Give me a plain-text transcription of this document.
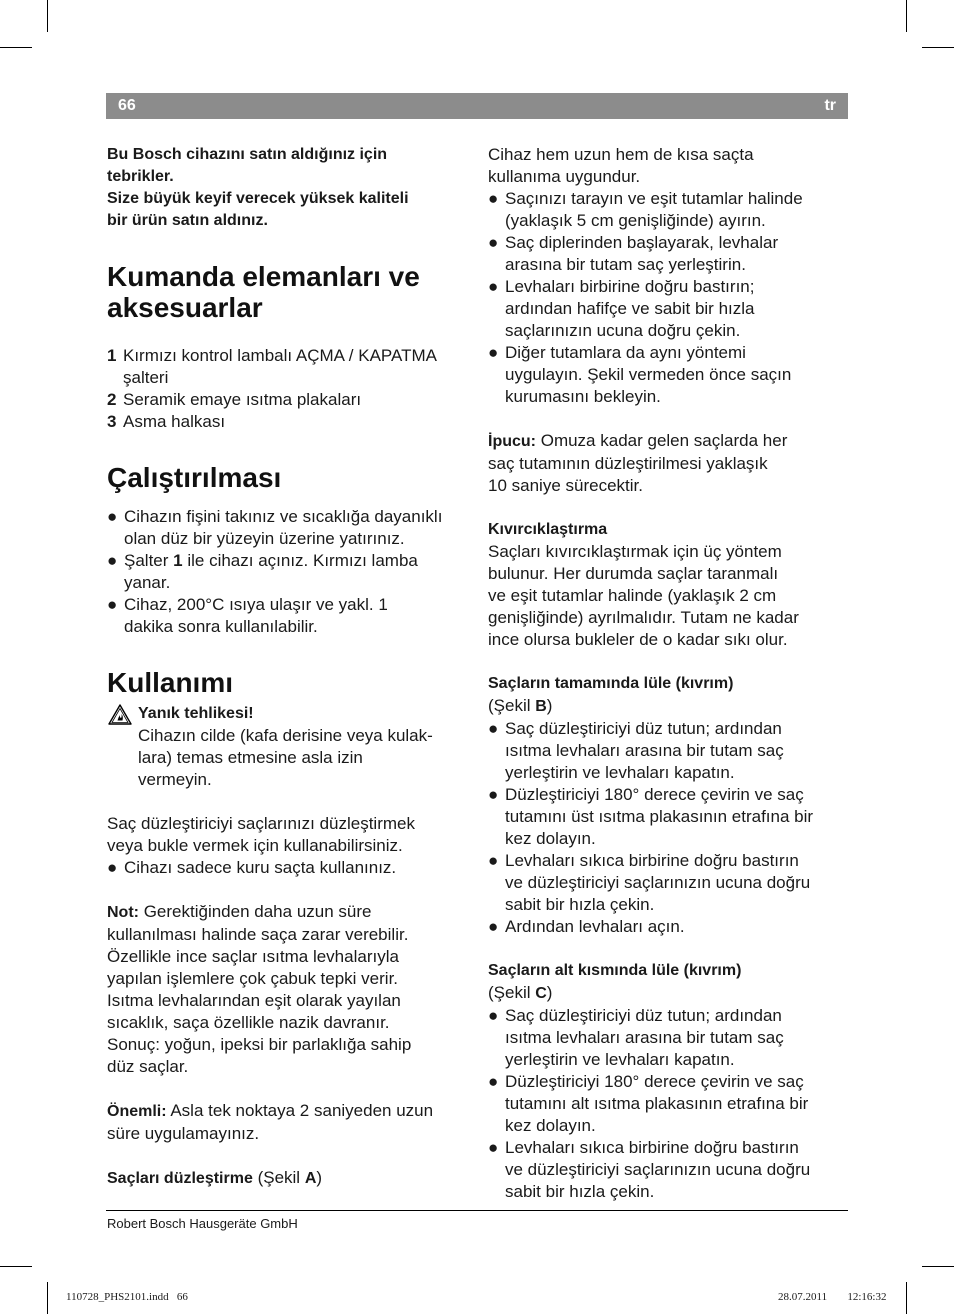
66	tr

Bu Bosch cihazını satın aldığınız için

tebrikler.

Size büyük keyif verecek yüksek kaliteli

bir ürün satın aldınız.

Kumanda elemanları ve
aksesuarlar
1 Kırmızı kontrol lambalı AÇMA / KAPATMA

şalteri

2 Seramik emaye ısıtma plakaları

3 Asma halkası

Çalıştırılması
● Cihazın fişini takınız ve sıcaklığa dayanıklı

olan düz bir yüzeyin üzerine yatırınız.

● Şalter 1 ile cihazı açınız. Kırmızı lamba

yanar.

● Cihaz, 200°C ısıya ulaşır ve yakl. 1

dakika sonra kullanılabilir.

Kullanımı

Yanık tehlikesi!

Cihazın cilde (kafa derisine veya kulak-

lara) temas etmesine asla izin

vermeyin.

Saç düzleştiriciyi saçlarınızı düzleştirmek

veya bukle vermek için kullanabilirsiniz.

● Cihazı sadece kuru saçta kullanınız.

Not: Gerektiğinden daha uzun süre

kullanılması halinde saça zarar verebilir.

Özellikle ince saçlar ısıtma levhalarıyla

yapılan işlemlere çok çabuk tepki verir.

Isıtma levhalarından eşit olarak yayılan

sıcaklık, saça özellikle nazik davranır.

Sonuç: yoğun, ipeksi bir parlaklığa sahip

düz saçlar.

Önemli: Asla tek noktaya 2 saniyeden uzun

süre uygulamayınız.

Saçları düzleştirme (Şekil A)

Cihaz hem uzun hem de kısa saçta

kullanıma uygundur.

● Saçınızı tarayın ve eşit tutamlar halinde

(yaklaşık 5 cm genişliğinde) ayırın.

● Saç diplerinden başlayarak, levhalar

arasına bir tutam saç yerleştirin.

● Levhaları birbirine doğru bastırın;

ardından hafifçe ve sabit bir hızla

saçlarınızın ucuna doğru çekin.

● Diğer tutamlara da aynı yöntemi

uygulayın. Şekil vermeden önce saçın

kurumasını bekleyin.

İpucu: Omuza kadar gelen saçlarda her

saç tutamının düzleştirilmesi yaklaşık

10 saniye sürecektir.

Kıvırcıklaştırma

Saçları kıvırcıklaştırmak için üç yöntem

bulunur. Her durumda saçlar taranmalı

ve eşit tutamlar halinde (yaklaşık 2 cm

genişliğinde) ayrılmalıdır. Tutam ne kadar

ince olursa bukleler de o kadar sıkı olur.

Saçların tamamında lüle (kıvrım)

(Şekil B)

● Saç düzleştiriciyi düz tutun; ardından

ısıtma levhaları arasına bir tutam saç

yerleştirin ve levhaları kapatın.

● Düzleştiriciyi 180° derece çevirin ve saç

tutamını üst ısıtma plakasının etrafına bir

kez dolayın.

● Levhaları sıkıca birbirine doğru bastırın

ve düzleştiriciyi saçlarınızın ucuna doğru

sabit bir hızla çekin.

● Ardından levhaları açın.

Saçların alt kısmında lüle (kıvrım)

(Şekil C)

● Saç düzleştiriciyi düz tutun; ardından

ısıtma levhaları arasına bir tutam saç

yerleştirin ve levhaları kapatın.

● Düzleştiriciyi 180° derece çevirin ve saç

tutamını alt ısıtma plakasının etrafına bir

kez dolayın.

● Levhaları sıkıca birbirine doğru bastırın

ve düzleştiriciyi saçlarınızın ucuna doğru

sabit bir hızla çekin.

Robert Bosch Hausgeräte GmbH
110728_PHS2101.indd   66	28.07.2011   12:16:32
